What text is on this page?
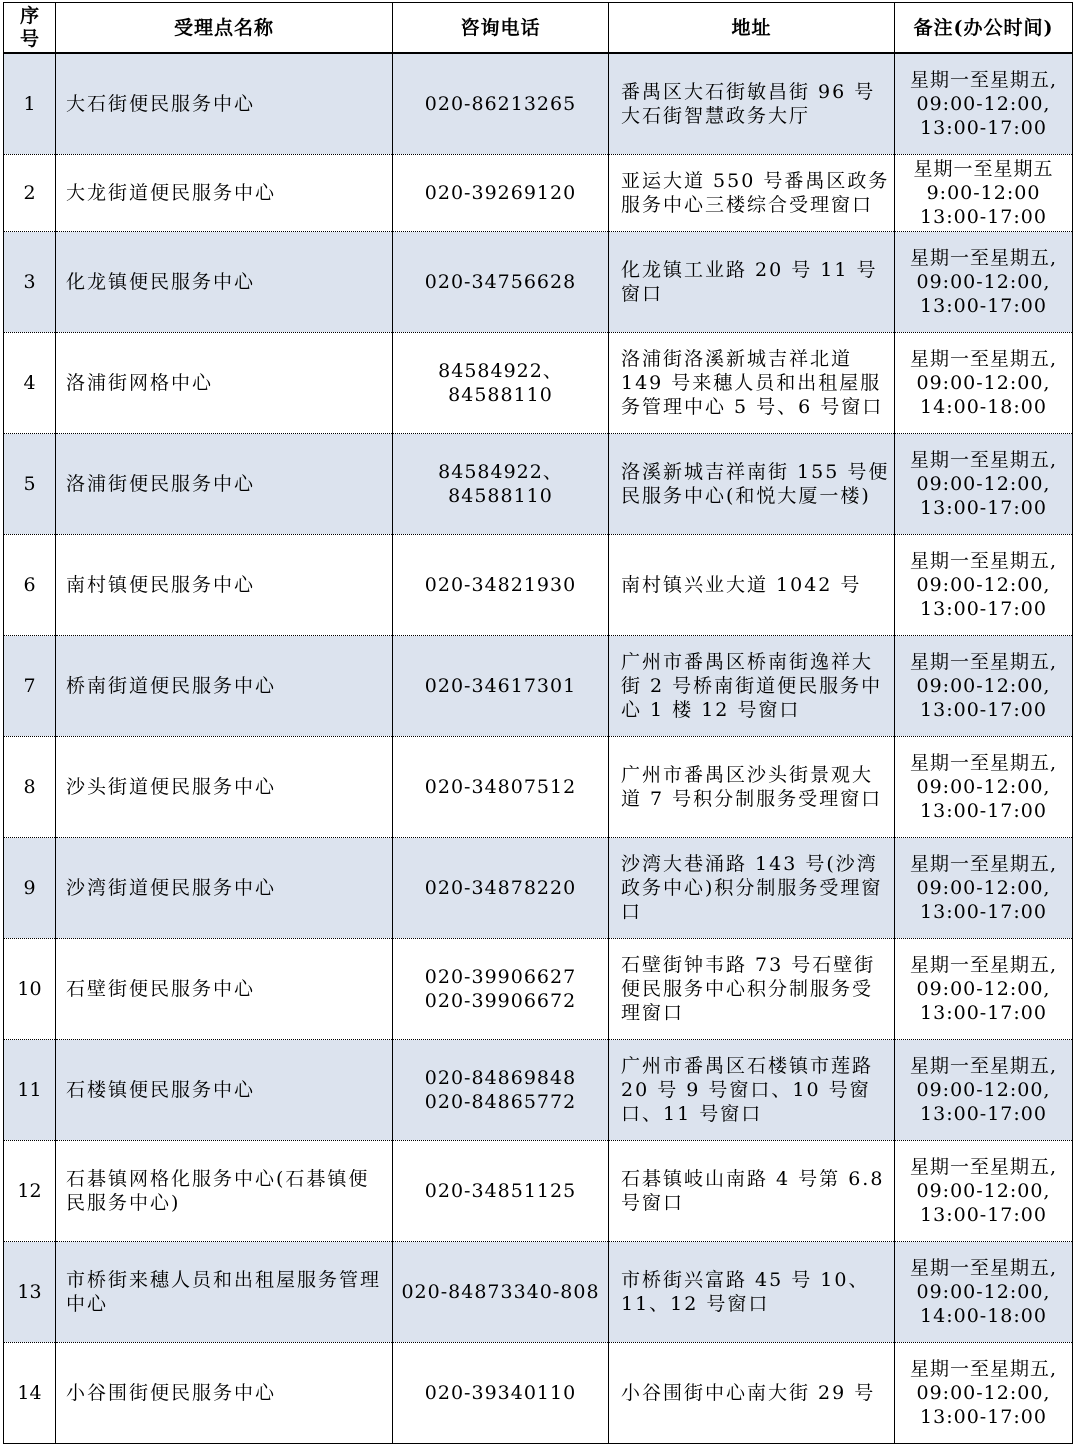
序
号	受理点名称	咨询电话	地址	备注(办公时间)
1	大石街便民服务中心	020-86213265	番禺区大石街敏昌街 96 号大石街智慧政务大厅	星期一至星期五,
09:00-12:00,
13:00-17:00

2	大龙街道便民服务中心	020-39269120	亚运大道 550 号番禺区政务服务中心三楼综合受理窗口	星期一至星期五
9:00-12:00
13:00-17:00

3	化龙镇便民服务中心	020-34756628	化龙镇工业路 20 号 11 号窗口	星期一至星期五,
09:00-12:00,
13:00-17:00

4	洛浦街网格中心	84584922、84588110	洛浦街洛溪新城吉祥北道 149 号来穗人员和出租屋服务管理中心 5 号、6 号窗口	星期一至星期五,
09:00-12:00,
14:00-18:00

5	洛浦街便民服务中心	84584922、84588110	洛溪新城吉祥南街 155 号便民服务中心(和悦大厦一楼)	星期一至星期五,
09:00-12:00,
13:00-17:00

6	南村镇便民服务中心	020-34821930	南村镇兴业大道 1042 号	星期一至星期五,
09:00-12:00,
13:00-17:00

7	桥南街道便民服务中心	020-34617301	广州市番禺区桥南街逸祥大街 2 号桥南街道便民服务中心 1 楼 12 号窗口	星期一至星期五,
09:00-12:00,
13:00-17:00

8	沙头街道便民服务中心	020-34807512	广州市番禺区沙头街景观大道 7 号积分制服务受理窗口	星期一至星期五,
09:00-12:00,
13:00-17:00

9	沙湾街道便民服务中心	020-34878220	沙湾大巷涌路 143 号(沙湾政务中心)积分制服务受理窗口	星期一至星期五,
09:00-12:00,
13:00-17:00

10	石壁街便民服务中心	020-39906627
020-39906672	石壁街钟韦路 73 号石壁街便民服务中心积分制服务受理窗口	星期一至星期五,
09:00-12:00,
13:00-17:00

11	石楼镇便民服务中心	020-84869848
020-84865772	广州市番禺区石楼镇市莲路 20 号 9 号窗口、10 号窗口、11 号窗口	星期一至星期五,
09:00-12:00,
13:00-17:00

12	石碁镇网格化服务中心(石碁镇便民服务中心)	020-34851125	石碁镇岐山南路 4 号第 6.8 号窗口	星期一至星期五,
09:00-12:00,
13:00-17:00

13	市桥街来穗人员和出租屋服务管理中心	020-84873340-808	市桥街兴富路 45 号 10、11、12 号窗口	星期一至星期五,
09:00-12:00,
14:00-18:00

14	小谷围街便民服务中心	020-39340110	小谷围街中心南大街 29 号	星期一至星期五,
09:00-12:00,
13:00-17:00
